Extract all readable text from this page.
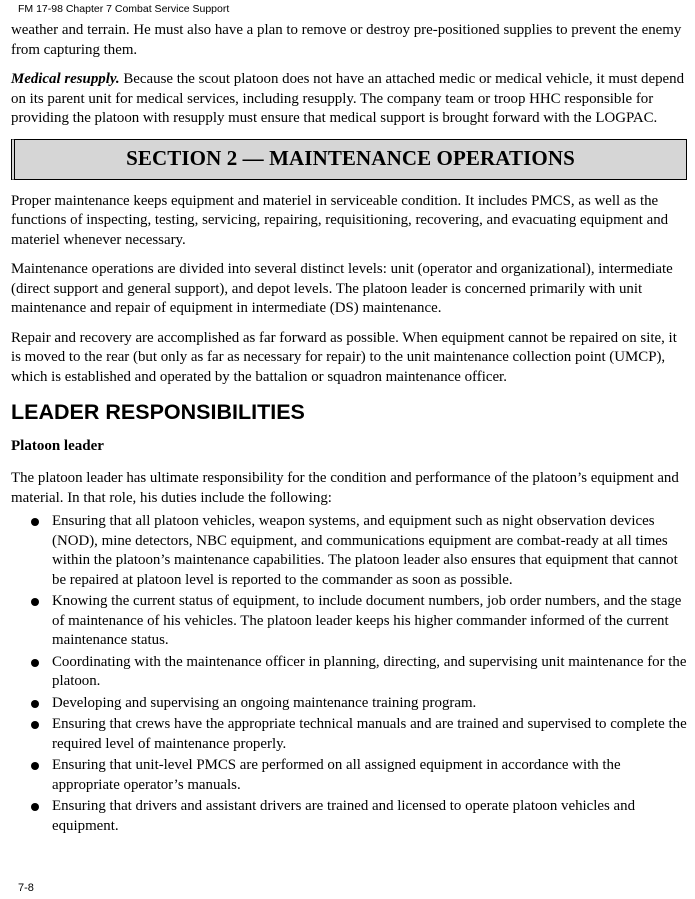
FM 17-98 Chapter 7 Combat Service Support

weather and terrain. He must also have a plan to remove or destroy pre-positioned supplies to prevent the enemy from capturing them.

Medical resupply. Because the scout platoon does not have an attached medic or medical vehicle, it must depend on its parent unit for medical services, including resupply. The company team or troop HHC responsible for providing the platoon with resupply must ensure that medical support is brought forward with the LOGPAC.

SECTION 2 — MAINTENANCE OPERATIONS

Proper maintenance keeps equipment and materiel in serviceable condition. It includes PMCS, as well as the functions of inspecting, testing, servicing, repairing, requisitioning, recovering, and evacuating equipment and materiel whenever necessary.

Maintenance operations are divided into several distinct levels: unit (operator and organizational), intermediate (direct support and general support), and depot levels. The platoon leader is concerned primarily with unit maintenance and repair of equipment in intermediate (DS) maintenance.

Repair and recovery are accomplished as far forward as possible. When equipment cannot be repaired on site, it is moved to the rear (but only as far as necessary for repair) to the unit maintenance collection point (UMCP), which is established and operated by the battalion or squadron maintenance officer.

LEADER RESPONSIBILITIES
Platoon leader

The platoon leader has ultimate responsibility for the condition and performance of the platoon’s equipment and material. In that role, his duties include the following:

Ensuring that all platoon vehicles, weapon systems, and equipment such as night observation devices (NOD), mine detectors, NBC equipment, and communications equipment are combat-ready at all times within the platoon’s maintenance capabilities. The platoon leader also ensures that equipment that cannot be repaired at platoon level is reported to the commander as soon as possible.
Knowing the current status of equipment, to include document numbers, job order numbers, and the stage of maintenance of his vehicles. The platoon leader keeps his higher commander informed of the current maintenance status.
Coordinating with the maintenance officer in planning, directing, and supervising unit maintenance for the platoon.
Developing and supervising an ongoing maintenance training program.
Ensuring that crews have the appropriate technical manuals and are trained and supervised to complete the required level of maintenance properly.
Ensuring that unit-level PMCS are performed on all assigned equipment in accordance with the appropriate operator’s manuals.
Ensuring that drivers and assistant drivers are trained and licensed to operate platoon vehicles and equipment.
7-8
